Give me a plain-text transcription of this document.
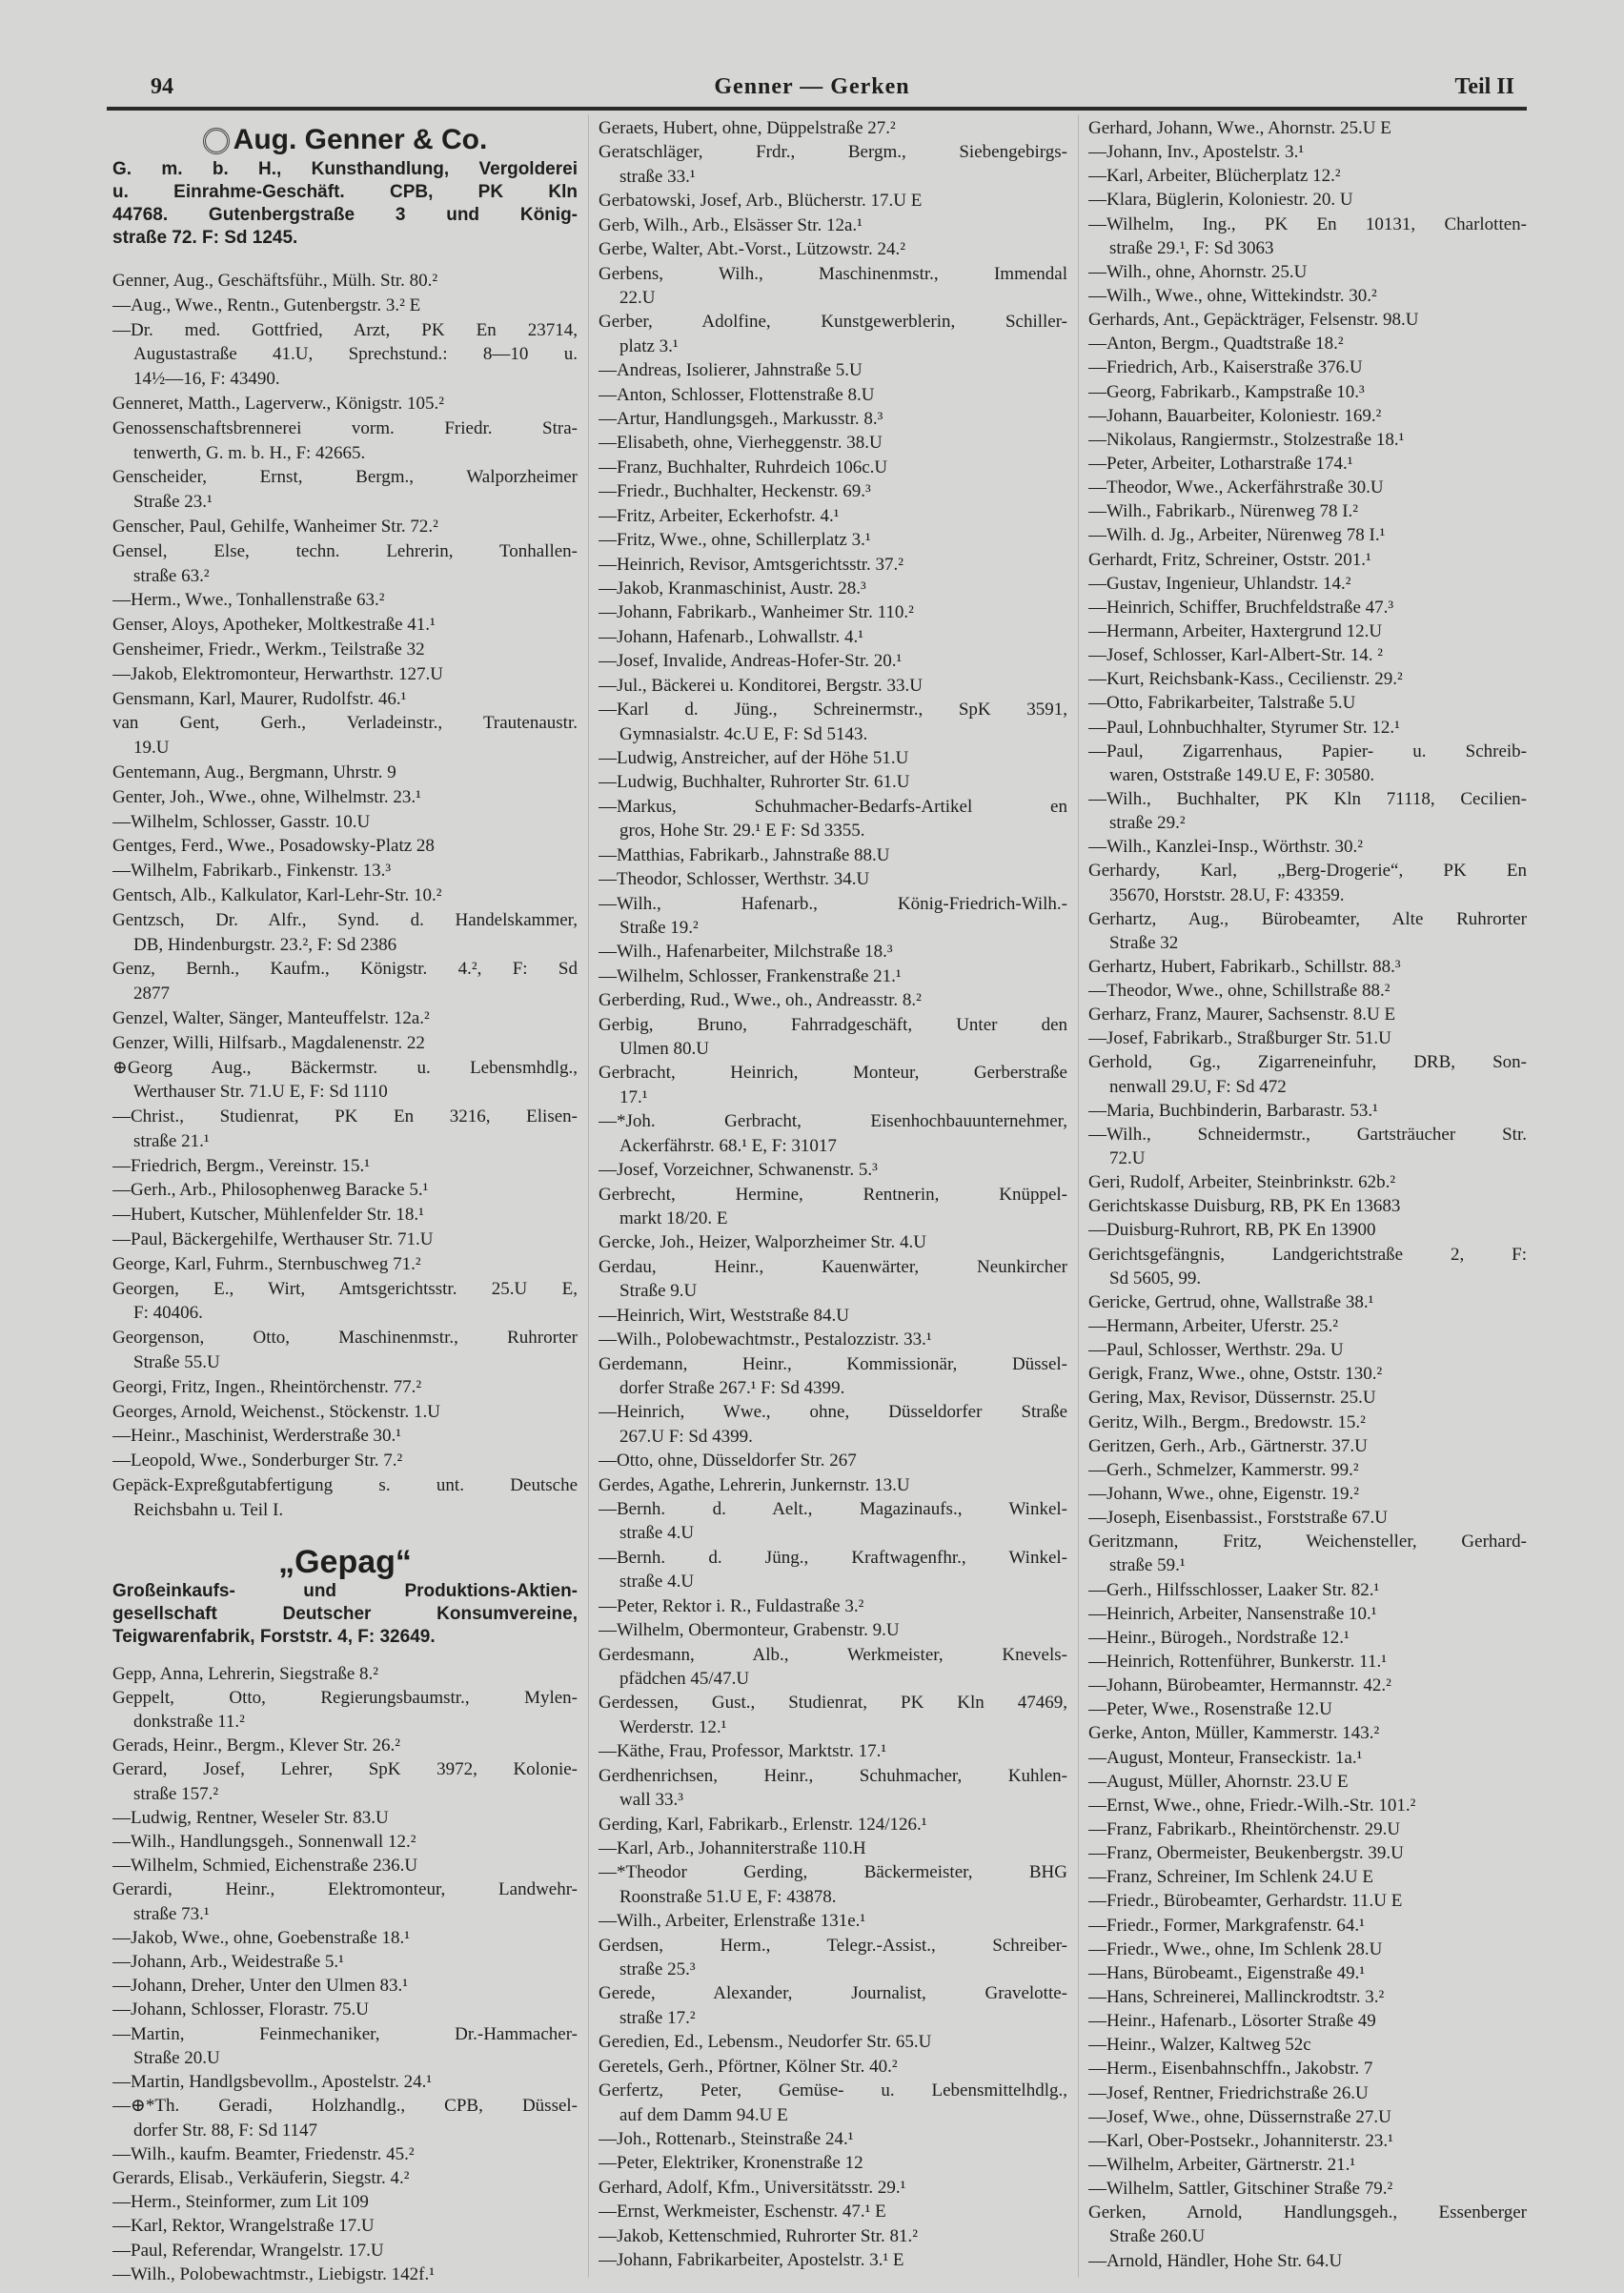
94	Genner — Gerken	Teil II
Aug. Genner & Co.
G. m. b. H., Kunsthandlung, Vergolderei
u. Einrahme-Geschäft. CPB, PK Kln
44768. Gutenbergstraße 3 und König-
straße 72. F: Sd 1245.
Genner, Aug., Geschäftsführ., Mülh. Str. 80.²
—Aug., Wwe., Rentn., Gutenbergstr. 3.² E
—Dr. med. Gottfried, Arzt, PK En 23714,
Augustastraße 41.U, Sprechstund.: 8—10 u.
14½—16, F: 43490.
Genneret, Matth., Lagerverw., Königstr. 105.²
Genossenschaftsbrennerei vorm. Friedr. Stra-
tenwerth, G. m. b. H., F: 42665.
Genscheider, Ernst, Bergm., Walporzheimer
Straße 23.¹
Genscher, Paul, Gehilfe, Wanheimer Str. 72.²
Gensel, Else, techn. Lehrerin, Tonhallen-
straße 63.²
—Herm., Wwe., Tonhallenstraße 63.²
Genser, Aloys, Apotheker, Moltkestraße 41.¹
Gensheimer, Friedr., Werkm., Teilstraße 32
—Jakob, Elektromonteur, Herwarthstr. 127.U
Gensmann, Karl, Maurer, Rudolfstr. 46.¹
van Gent, Gerh., Verladeinstr., Trautenaustr.
19.U
Gentemann, Aug., Bergmann, Uhrstr. 9
Genter, Joh., Wwe., ohne, Wilhelmstr. 23.¹
—Wilhelm, Schlosser, Gasstr. 10.U
Gentges, Ferd., Wwe., Posadowsky-Platz 28
—Wilhelm, Fabrikarb., Finkenstr. 13.³
Gentsch, Alb., Kalkulator, Karl-Lehr-Str. 10.²
Gentzsch, Dr. Alfr., Synd. d. Handelskammer,
DB, Hindenburgstr. 23.², F: Sd 2386
Genz, Bernh., Kaufm., Königstr. 4.², F: Sd
2877
Genzel, Walter, Sänger, Manteuffelstr. 12a.²
Genzer, Willi, Hilfsarb., Magdalenenstr. 22
⊕Georg Aug., Bäckermstr. u. Lebensmhdlg.,
Werthauser Str. 71.U E, F: Sd 1110
—Christ., Studienrat, PK En 3216, Elisen-
straße 21.¹
—Friedrich, Bergm., Vereinstr. 15.¹
—Gerh., Arb., Philosophenweg Baracke 5.¹
—Hubert, Kutscher, Mühlenfelder Str. 18.¹
—Paul, Bäckergehilfe, Werthauser Str. 71.U
George, Karl, Fuhrm., Sternbuschweg 71.²
Georgen, E., Wirt, Amtsgerichtsstr. 25.U E,
F: 40406.
Georgenson, Otto, Maschinenmstr., Ruhrorter
Straße 55.U
Georgi, Fritz, Ingen., Rheintörchenstr. 77.²
Georges, Arnold, Weichenst., Stöckenstr. 1.U
—Heinr., Maschinist, Werderstraße 30.¹
—Leopold, Wwe., Sonderburger Str. 7.²
Gepäck-Expreßgutabfertigung s. unt. Deutsche
Reichsbahn u. Teil I.
„Gepag“
Großeinkaufs- und Produktions-Aktien-
gesellschaft Deutscher Konsumvereine,
Teigwarenfabrik, Forststr. 4, F: 32649.
Gepp, Anna, Lehrerin, Siegstraße 8.²
Geppelt, Otto, Regierungsbaumstr., Mylen-
donkstraße 11.²
Gerads, Heinr., Bergm., Klever Str. 26.²
Gerard, Josef, Lehrer, SpK 3972, Kolonie-
straße 157.²
—Ludwig, Rentner, Weseler Str. 83.U
—Wilh., Handlungsgeh., Sonnenwall 12.²
—Wilhelm, Schmied, Eichenstraße 236.U
Gerardi, Heinr., Elektromonteur, Landwehr-
straße 73.¹
—Jakob, Wwe., ohne, Goebenstraße 18.¹
—Johann, Arb., Weidestraße 5.¹
—Johann, Dreher, Unter den Ulmen 83.¹
—Johann, Schlosser, Florastr. 75.U
—Martin, Feinmechaniker, Dr.-Hammacher-
Straße 20.U
—Martin, Handlgsbevollm., Apostelstr. 24.¹
—⊕*Th. Geradi, Holzhandlg., CPB, Düssel-
dorfer Str. 88, F: Sd 1147
—Wilh., kaufm. Beamter, Friedenstr. 45.²
Gerards, Elisab., Verkäuferin, Siegstr. 4.²
—Herm., Steinformer, zum Lit 109
—Karl, Rektor, Wrangelstraße 17.U
—Paul, Referendar, Wrangelstr. 17.U
—Wilh., Polobewachtmstr., Liebigstr. 142f.¹
Geraets, Hubert, ohne, Düppelstraße 27.²
Geratschläger, Frdr., Bergm., Siebengebirgs-
straße 33.¹
Gerbatowski, Josef, Arb., Blücherstr. 17.U E
Gerb, Wilh., Arb., Elsässer Str. 12a.¹
Gerbe, Walter, Abt.-Vorst., Lützowstr. 24.²
Gerbens, Wilh., Maschinenmstr., Immendal
22.U
Gerber, Adolfine, Kunstgewerblerin, Schiller-
platz 3.¹
—Andreas, Isolierer, Jahnstraße 5.U
—Anton, Schlosser, Flottenstraße 8.U
—Artur, Handlungsgeh., Markusstr. 8.³
—Elisabeth, ohne, Vierheggenstr. 38.U
—Franz, Buchhalter, Ruhrdeich 106c.U
—Friedr., Buchhalter, Heckenstr. 69.³
—Fritz, Arbeiter, Eckerhofstr. 4.¹
—Fritz, Wwe., ohne, Schillerplatz 3.¹
—Heinrich, Revisor, Amtsgerichtsstr. 37.²
—Jakob, Kranmaschinist, Austr. 28.³
—Johann, Fabrikarb., Wanheimer Str. 110.²
—Johann, Hafenarb., Lohwallstr. 4.¹
—Josef, Invalide, Andreas-Hofer-Str. 20.¹
—Jul., Bäckerei u. Konditorei, Bergstr. 33.U
—Karl d. Jüng., Schreinermstr., SpK 3591,
Gymnasialstr. 4c.U E, F: Sd 5143.
—Ludwig, Anstreicher, auf der Höhe 51.U
—Ludwig, Buchhalter, Ruhrorter Str. 61.U
—Markus, Schuhmacher-Bedarfs-Artikel en
gros, Hohe Str. 29.¹ E F: Sd 3355.
—Matthias, Fabrikarb., Jahnstraße 88.U
—Theodor, Schlosser, Werthstr. 34.U
—Wilh., Hafenarb., König-Friedrich-Wilh.-
Straße 19.²
—Wilh., Hafenarbeiter, Milchstraße 18.³
—Wilhelm, Schlosser, Frankenstraße 21.¹
Gerberding, Rud., Wwe., oh., Andreasstr. 8.²
Gerbig, Bruno, Fahrradgeschäft, Unter den
Ulmen 80.U
Gerbracht, Heinrich, Monteur, Gerberstraße
17.¹
—*Joh. Gerbracht, Eisenhochbauunternehmer,
Ackerfährstr. 68.¹ E, F: 31017
—Josef, Vorzeichner, Schwanenstr. 5.³
Gerbrecht, Hermine, Rentnerin, Knüppel-
markt 18/20. E
Gercke, Joh., Heizer, Walporzheimer Str. 4.U
Gerdau, Heinr., Kauenwärter, Neunkircher
Straße 9.U
—Heinrich, Wirt, Weststraße 84.U
—Wilh., Polobewachtmstr., Pestalozzistr. 33.¹
Gerdemann, Heinr., Kommissionär, Düssel-
dorfer Straße 267.¹ F: Sd 4399.
—Heinrich, Wwe., ohne, Düsseldorfer Straße
267.U F: Sd 4399.
—Otto, ohne, Düsseldorfer Str. 267
Gerdes, Agathe, Lehrerin, Junkernstr. 13.U
—Bernh. d. Aelt., Magazinaufs., Winkel-
straße 4.U
—Bernh. d. Jüng., Kraftwagenfhr., Winkel-
straße 4.U
—Peter, Rektor i. R., Fuldastraße 3.²
—Wilhelm, Obermonteur, Grabenstr. 9.U
Gerdesmann, Alb., Werkmeister, Knevels-
pfädchen 45/47.U
Gerdessen, Gust., Studienrat, PK Kln 47469,
Werderstr. 12.¹
—Käthe, Frau, Professor, Marktstr. 17.¹
Gerdhenrichsen, Heinr., Schuhmacher, Kuhlen-
wall 33.³
Gerding, Karl, Fabrikarb., Erlenstr. 124/126.¹
—Karl, Arb., Johanniterstraße 110.H
—*Theodor Gerding, Bäckermeister, BHG
Roonstraße 51.U E, F: 43878.
—Wilh., Arbeiter, Erlenstraße 131e.¹
Gerdsen, Herm., Telegr.-Assist., Schreiber-
straße 25.³
Gerede, Alexander, Journalist, Gravelotte-
straße 17.²
Geredien, Ed., Lebensm., Neudorfer Str. 65.U
Geretels, Gerh., Pförtner, Kölner Str. 40.²
Gerfertz, Peter, Gemüse- u. Lebensmittelhdlg.,
auf dem Damm 94.U E
—Joh., Rottenarb., Steinstraße 24.¹
—Peter, Elektriker, Kronenstraße 12
Gerhard, Adolf, Kfm., Universitätsstr. 29.¹
—Ernst, Werkmeister, Eschenstr. 47.¹ E
—Jakob, Kettenschmied, Ruhrorter Str. 81.²
—Johann, Fabrikarbeiter, Apostelstr. 3.¹ E
Gerhard, Johann, Wwe., Ahornstr. 25.U E
—Johann, Inv., Apostelstr. 3.¹
—Karl, Arbeiter, Blücherplatz 12.²
—Klara, Büglerin, Koloniestr. 20. U
—Wilhelm, Ing., PK En 10131, Charlotten-
straße 29.¹, F: Sd 3063
—Wilh., ohne, Ahornstr. 25.U
—Wilh., Wwe., ohne, Wittekindstr. 30.²
Gerhards, Ant., Gepäckträger, Felsenstr. 98.U
—Anton, Bergm., Quadtstraße 18.²
—Friedrich, Arb., Kaiserstraße 376.U
—Georg, Fabrikarb., Kampstraße 10.³
—Johann, Bauarbeiter, Koloniestr. 169.²
—Nikolaus, Rangiermstr., Stolzestraße 18.¹
—Peter, Arbeiter, Lotharstraße 174.¹
—Theodor, Wwe., Ackerfährstraße 30.U
—Wilh., Fabrikarb., Nürenweg 78 I.²
—Wilh. d. Jg., Arbeiter, Nürenweg 78 I.¹
Gerhardt, Fritz, Schreiner, Oststr. 201.¹
—Gustav, Ingenieur, Uhlandstr. 14.²
—Heinrich, Schiffer, Bruchfeldstraße 47.³
—Hermann, Arbeiter, Haxtergrund 12.U
—Josef, Schlosser, Karl-Albert-Str. 14. ²
—Kurt, Reichsbank-Kass., Cecilienstr. 29.²
—Otto, Fabrikarbeiter, Talstraße 5.U
—Paul, Lohnbuchhalter, Styrumer Str. 12.¹
—Paul, Zigarrenhaus, Papier- u. Schreib-
waren, Oststraße 149.U E, F: 30580.
—Wilh., Buchhalter, PK Kln 71118, Cecilien-
straße 29.²
—Wilh., Kanzlei-Insp., Wörthstr. 30.²
Gerhardy, Karl, „Berg-Drogerie“, PK En
35670, Horststr. 28.U, F: 43359.
Gerhartz, Aug., Bürobeamter, Alte Ruhrorter
Straße 32
Gerhartz, Hubert, Fabrikarb., Schillstr. 88.³
—Theodor, Wwe., ohne, Schillstraße 88.²
Gerharz, Franz, Maurer, Sachsenstr. 8.U E
—Josef, Fabrikarb., Straßburger Str. 51.U
Gerhold, Gg., Zigarreneinfuhr, DRB, Son-
nenwall 29.U, F: Sd 472
—Maria, Buchbinderin, Barbarastr. 53.¹
—Wilh., Schneidermstr., Gartsträucher Str.
72.U
Geri, Rudolf, Arbeiter, Steinbrinkstr. 62b.²
Gerichtskasse Duisburg, RB, PK En 13683
—Duisburg-Ruhrort, RB, PK En 13900
Gerichtsgefängnis, Landgerichtstraße 2, F:
Sd 5605, 99.
Gericke, Gertrud, ohne, Wallstraße 38.¹
—Hermann, Arbeiter, Uferstr. 25.²
—Paul, Schlosser, Werthstr. 29a. U
Gerigk, Franz, Wwe., ohne, Oststr. 130.²
Gering, Max, Revisor, Düssernstr. 25.U
Geritz, Wilh., Bergm., Bredowstr. 15.²
Geritzen, Gerh., Arb., Gärtnerstr. 37.U
—Gerh., Schmelzer, Kammerstr. 99.²
—Johann, Wwe., ohne, Eigenstr. 19.²
—Joseph, Eisenbassist., Forststraße 67.U
Geritzmann, Fritz, Weichensteller, Gerhard-
straße 59.¹
—Gerh., Hilfsschlosser, Laaker Str. 82.¹
—Heinrich, Arbeiter, Nansenstraße 10.¹
—Heinr., Bürogeh., Nordstraße 12.¹
—Heinrich, Rottenführer, Bunkerstr. 11.¹
—Johann, Bürobeamter, Hermannstr. 42.²
—Peter, Wwe., Rosenstraße 12.U
Gerke, Anton, Müller, Kammerstr. 143.²
—August, Monteur, Franseckistr. 1a.¹
—August, Müller, Ahornstr. 23.U E
—Ernst, Wwe., ohne, Friedr.-Wilh.-Str. 101.²
—Franz, Fabrikarb., Rheintörchenstr. 29.U
—Franz, Obermeister, Beukenbergstr. 39.U
—Franz, Schreiner, Im Schlenk 24.U E
—Friedr., Bürobeamter, Gerhardstr. 11.U E
—Friedr., Former, Markgrafenstr. 64.¹
—Friedr., Wwe., ohne, Im Schlenk 28.U
—Hans, Bürobeamt., Eigenstraße 49.¹
—Hans, Schreinerei, Mallinckrodtstr. 3.²
—Heinr., Hafenarb., Lösorter Straße 49
—Heinr., Walzer, Kaltweg 52c
—Herm., Eisenbahnschffn., Jakobstr. 7
—Josef, Rentner, Friedrichstraße 26.U
—Josef, Wwe., ohne, Düssernstraße 27.U
—Karl, Ober-Postsekr., Johanniterstr. 23.¹
—Wilhelm, Arbeiter, Gärtnerstr. 21.¹
—Wilhelm, Sattler, Gitschiner Straße 79.²
Gerken, Arnold, Handlungsgeh., Essenberger
Straße 260.U
—Arnold, Händler, Hohe Str. 64.U
